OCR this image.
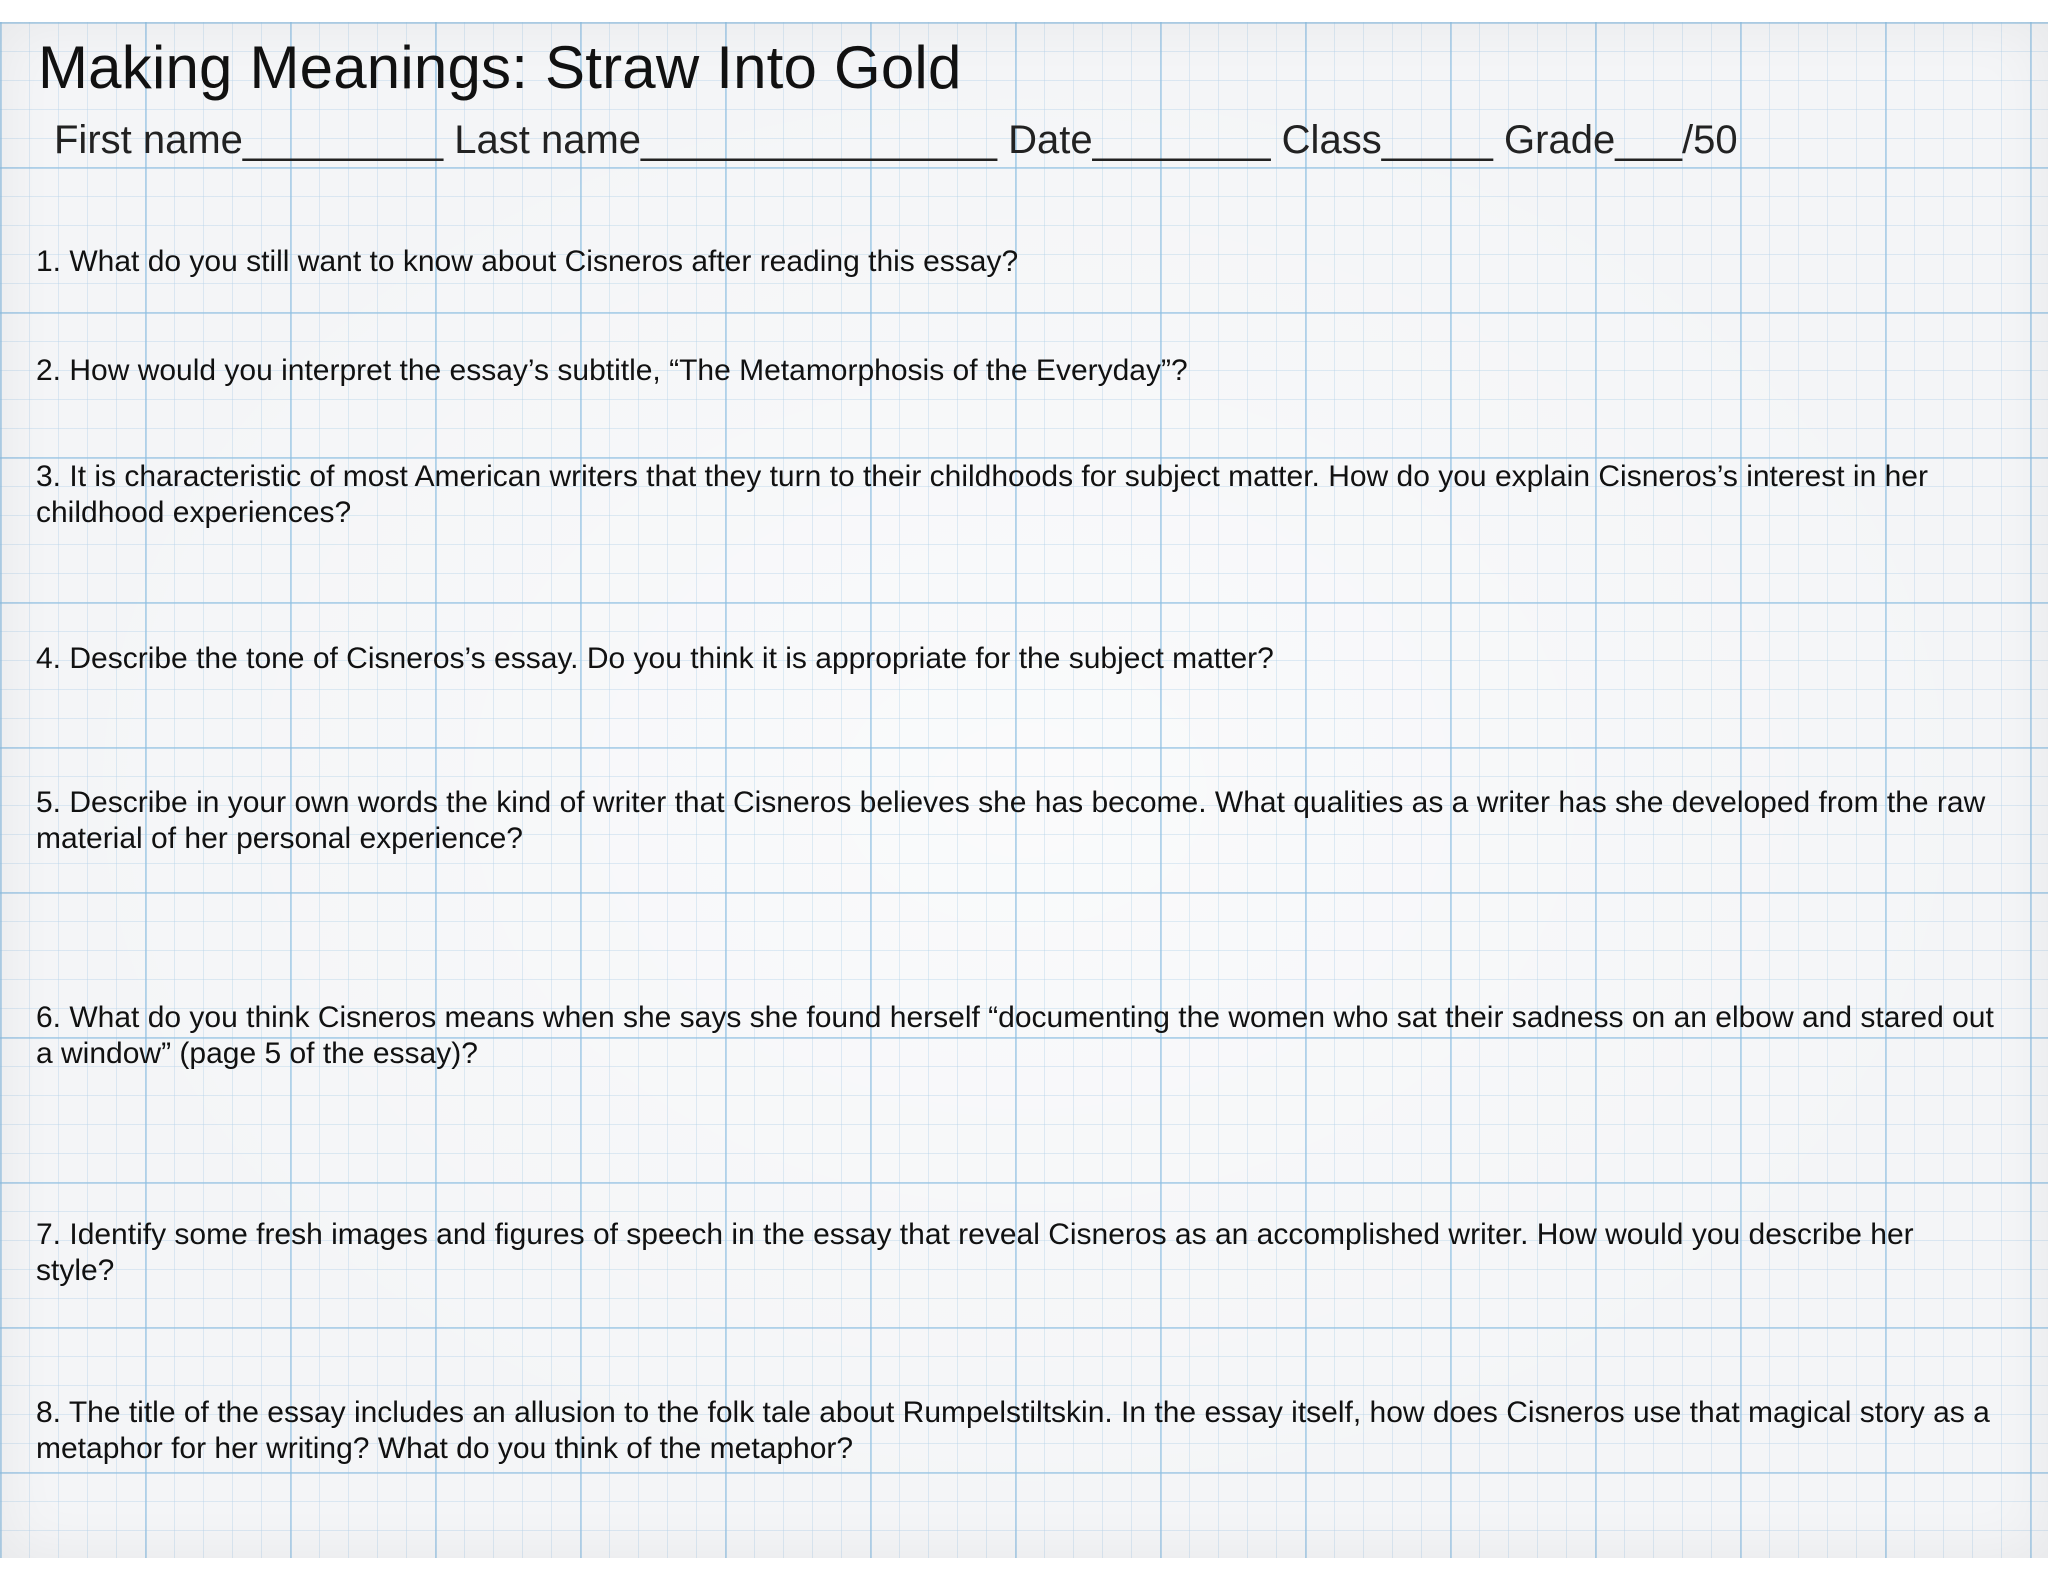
Making Meanings: Straw Into Gold
First name_________ Last name________________ Date________ Class_____ Grade___/50
1. What do you still want to know about Cisneros after reading this essay?
2. How would you interpret the essay’s subtitle, “The Metamorphosis of the Everyday”?
3. It is characteristic of most American writers that they turn to their childhoods for subject matter. How do you explain Cisneros’s interest in her childhood experiences?
4. Describe the tone of Cisneros’s essay. Do you think it is appropriate for the subject matter?
5. Describe in your own words the kind of writer that Cisneros believes she has become. What qualities as a writer has she developed from the raw material of her personal experience?
6. What do you think Cisneros means when she says she found herself “documenting the women who sat their sadness on an elbow and stared out a window” (page 5 of the essay)?
7. Identify some fresh images and figures of speech in the essay that reveal Cisneros as an accomplished writer. How would you describe her style?
8. The title of the essay includes an allusion to the folk tale about Rumpelstiltskin. In the essay itself, how does Cisneros use that magical story as a metaphor for her writing? What do you think of the metaphor?
